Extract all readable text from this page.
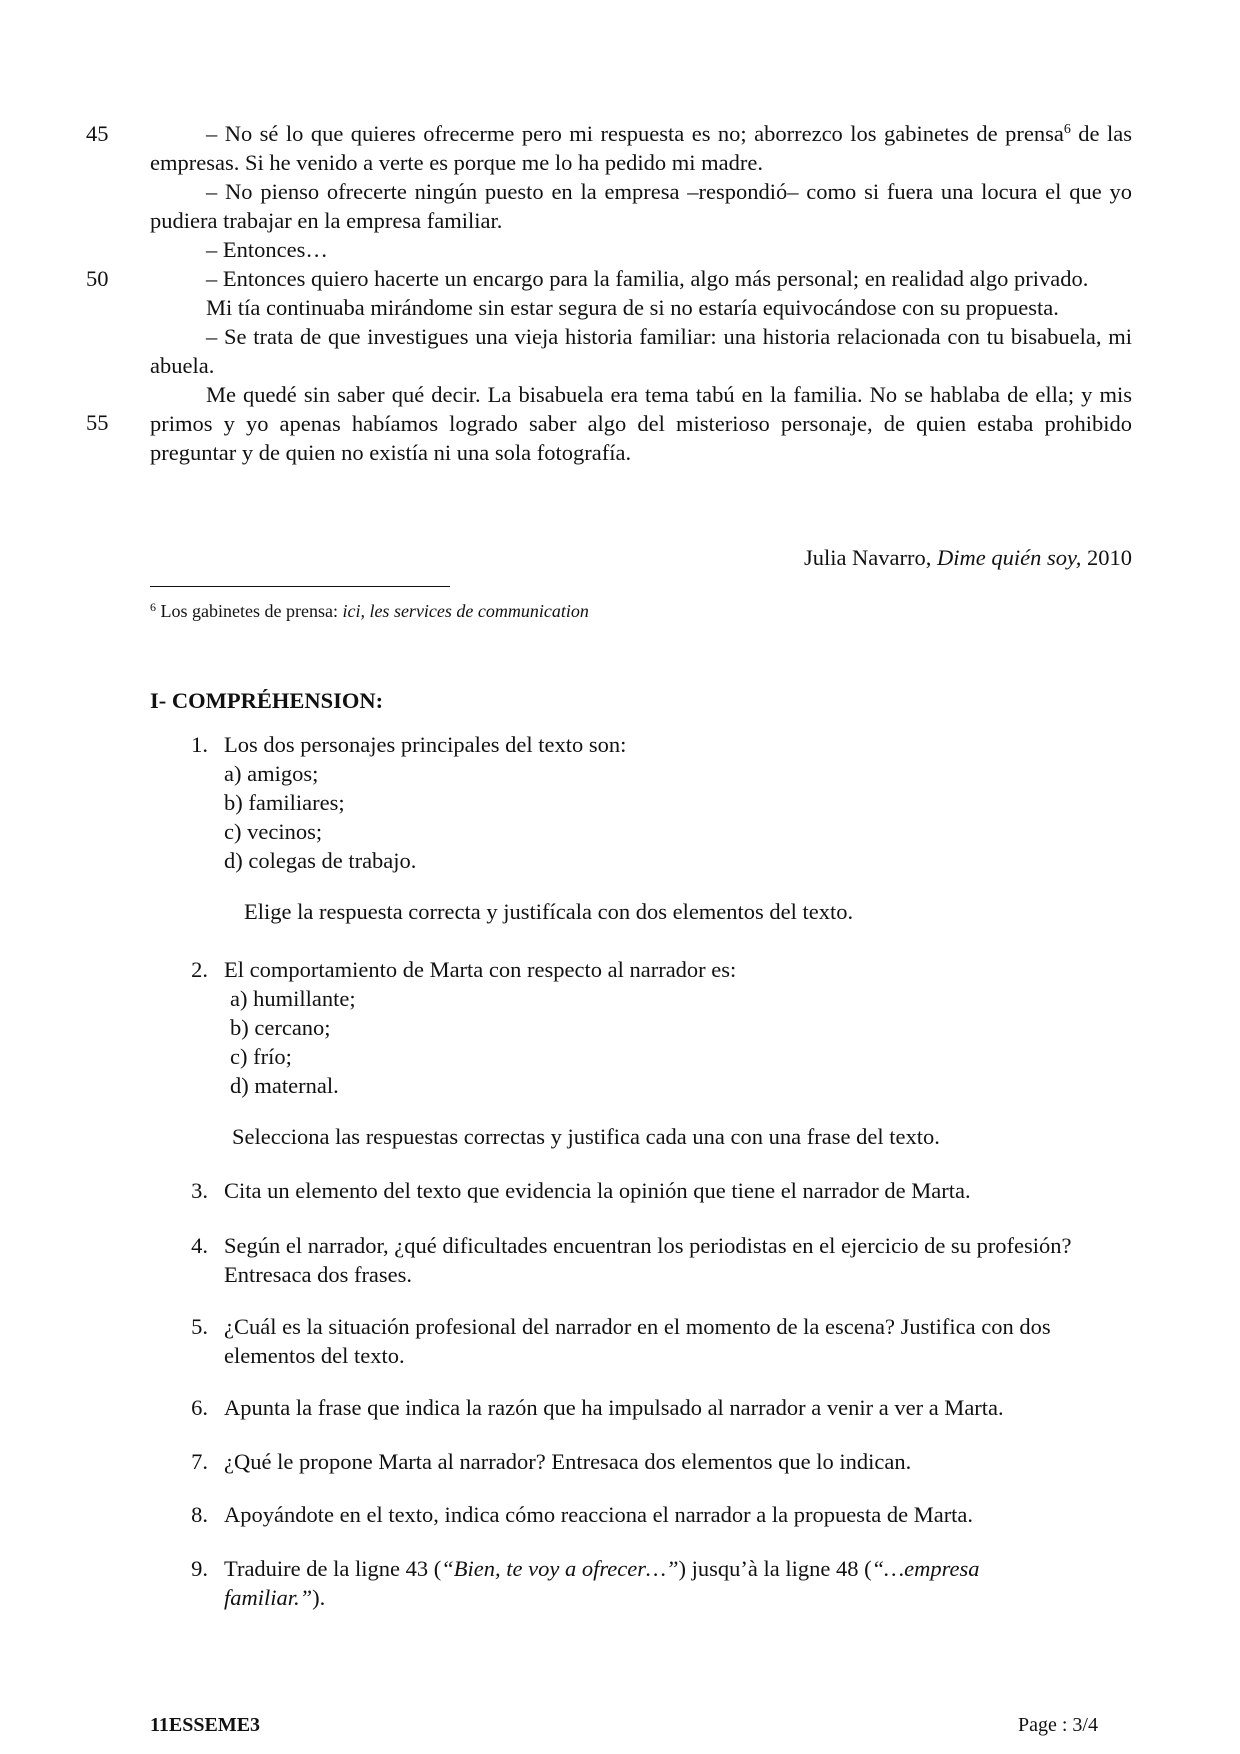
45
50
55

– No sé lo que quieres ofrecerme pero mi respuesta es no; aborrezco los gabinetes de prensa$^6$ de las empresas. Si he venido a verte es porque me lo ha pedido mi madre.

– No pienso ofrecerte ningún puesto en la empresa –respondió– como si fuera una locura el que yo pudiera trabajar en la empresa familiar.

– Entonces…

– Entonces quiero hacerte un encargo para la familia, algo más personal; en realidad algo privado.

Mi tía continuaba mirándome sin estar segura de si no estaría equivocándose con su propuesta.

– Se trata de que investigues una vieja historia familiar: una historia relacionada con tu bisabuela, mi abuela.

Me quedé sin saber qué decir. La bisabuela era tema tabú en la familia. No se hablaba de ella; y mis primos y yo apenas habíamos logrado saber algo del misterioso personaje, de quien estaba prohibido preguntar y de quien no existía ni una sola fotografía.

Julia Navarro, Dime quién soy, 2010
$^6$ Los gabinetes de prensa: ici, les services de communication
I- COMPRÉHENSION:
1. Los dos personajes principales del texto son:
a) amigos;
b) familiares;
c) vecinos;
d) colegas de trabajo.
Elige la respuesta correcta y justifícala con dos elementos del texto.
2. El comportamiento de Marta con respecto al narrador es:
a) humillante;
b) cercano;
c) frío;
d) maternal.
Selecciona las respuestas correctas y justifica cada una con una frase del texto.
3. Cita un elemento del texto que evidencia la opinión que tiene el narrador de Marta.
4. Según el narrador, ¿qué dificultades encuentran los periodistas en el ejercicio de su profesión? Entresaca dos frases.
5. ¿Cuál es la situación profesional del narrador en el momento de la escena? Justifica con dos elementos del texto.
6. Apunta la frase que indica la razón que ha impulsado al narrador a venir a ver a Marta.
7. ¿Qué le propone Marta al narrador? Entresaca dos elementos que lo indican.
8. Apoyándote en el texto, indica cómo reacciona el narrador a la propuesta de Marta.
9. Traduire de la ligne 43 (“Bien, te voy a ofrecer…”) jusqu’à la ligne 48 (“…empresa familiar.”).
11ESSEME3	Page : 3/4
